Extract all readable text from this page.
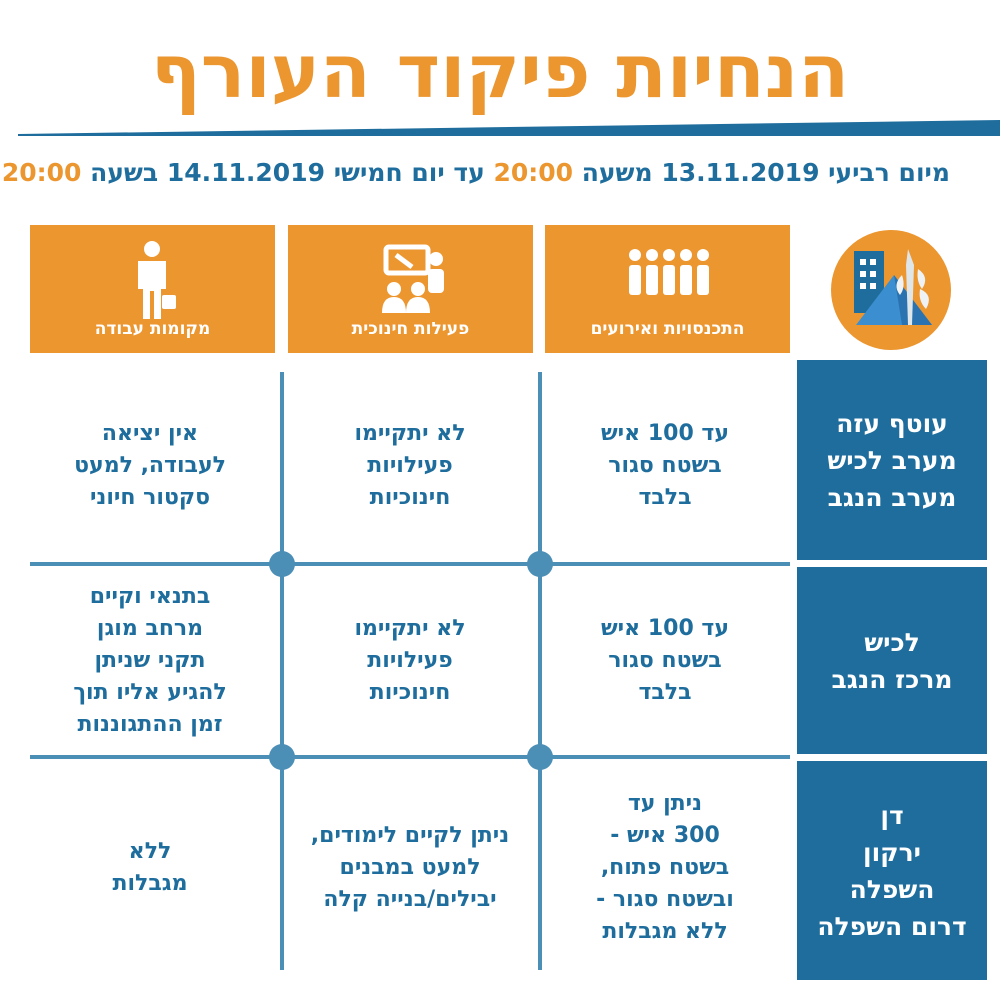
הנחיות פיקוד העורף
מיום רביעי 13.11.2019 משעה 20:00 עד יום חמישי 14.11.2019 בשעה 20:00
התכנסויות ואירועים
פעילות חינוכית
מקומות עבודה
עוטף עזה
מערב לכיש
מערב הנגב
לכיש
מרכז הנגב
דן
ירקון
השפלה
דרום השפלה
עד 100 איש
בשטח סגור
בלבד
לא יתקיימו
פעילויות
חינוכיות
אין יציאה
לעבודה, למעט
סקטור חיוני
עד 100 איש
בשטח סגור
בלבד
לא יתקיימו
פעילויות
חינוכיות
בתנאי וקיים
מרחב מוגן
תקני שניתן
להגיע אליו תוך
זמן ההתגוננות
ניתן עד
300 איש -
בשטח פתוח,
ובשטח סגור -
ללא מגבלות
ניתן לקיים לימודים,
למעט במבנים
יבילים/בנייה קלה
ללא
מגבלות
